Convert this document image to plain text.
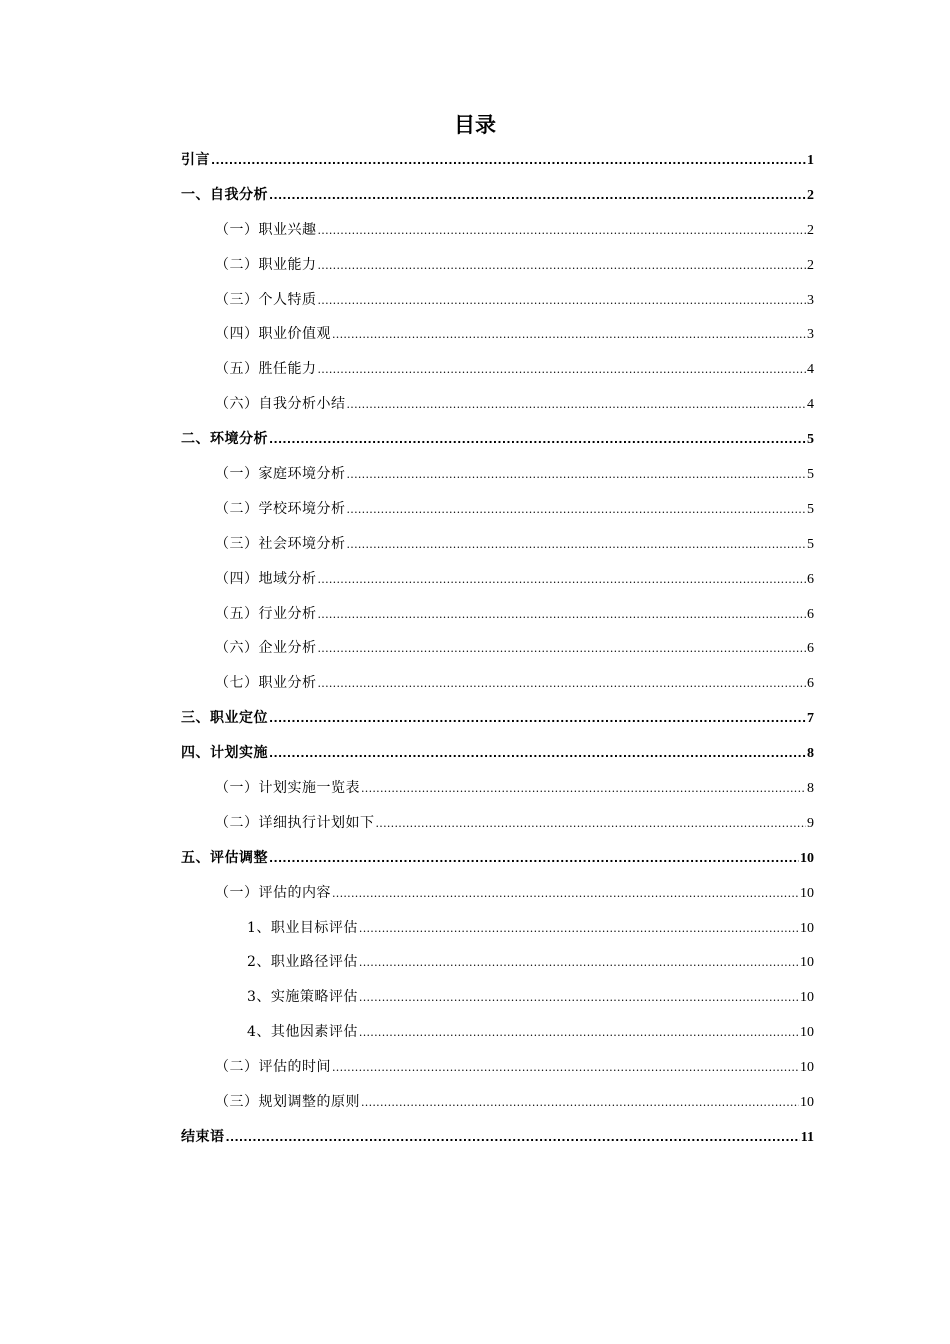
目录
引言 .....	1
一、自我分析 .....	2
（一）职业兴趣 .....	2
（二）职业能力 .....	2
（三）个人特质 .....	3
（四）职业价值观 .....	3
（五）胜任能力 .....	4
（六）自我分析小结 .....	4
二、环境分析 .....	5
（一）家庭环境分析 .....	5
（二）学校环境分析 .....	5
（三）社会环境分析 .....	5
（四）地域分析 .....	6
（五）行业分析 .....	6
（六）企业分析 .....	6
（七）职业分析 .....	6
三、职业定位 .....	7
四、计划实施 .....	8
（一）计划实施一览表 .....	8
（二）详细执行计划如下 .....	9
五、评估调整 .....	10
（一）评估的内容 .....	10
1、职业目标评估 .....	10
2、职业路径评估 .....	10
3、实施策略评估 .....	10
4、其他因素评估 .....	10
（二）评估的时间 .....	10
（三）规划调整的原则 .....	10
结束语 .....	11
